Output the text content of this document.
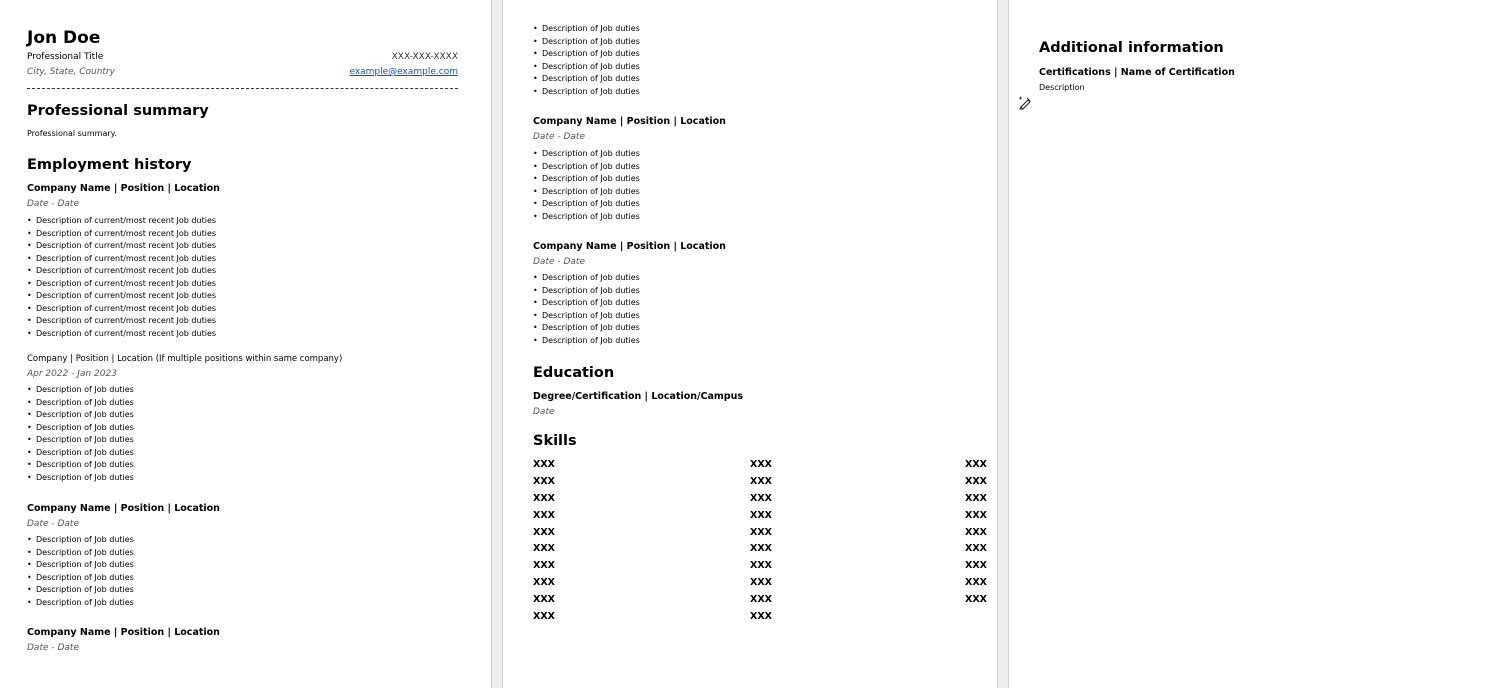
Jon Doe
Professional Title	XXX-XXX-XXXX
City, State, Country	example@example.com
Professional summary
Professional summary.
Employment history
Company Name | Position | Location
Date - Date
• Description of current/most recent Job duties
• Description of current/most recent Job duties
• Description of current/most recent Job duties
• Description of current/most recent Job duties
• Description of current/most recent Job duties
• Description of current/most recent Job duties
• Description of current/most recent Job duties
• Description of current/most recent Job duties
• Description of current/most recent Job duties
• Description of current/most recent Job duties
Company | Position | Location (If multiple positions within same company)
Apr 2022 - Jan 2023
• Description of Job duties
• Description of Job duties
• Description of Job duties
• Description of Job duties
• Description of Job duties
• Description of Job duties
• Description of Job duties
• Description of Job duties
Company Name | Position | Location
Date - Date
• Description of Job duties
• Description of Job duties
• Description of Job duties
• Description of Job duties
• Description of Job duties
• Description of Job duties
Company Name | Position | Location
Date - Date
• Description of Job duties
• Description of Job duties
• Description of Job duties
• Description of Job duties
• Description of Job duties
• Description of Job duties
Company Name | Position | Location
Date - Date
• Description of Job duties
• Description of Job duties
• Description of Job duties
• Description of Job duties
• Description of Job duties
• Description of Job duties
Company Name | Position | Location
Date - Date
• Description of Job duties
• Description of Job duties
• Description of Job duties
• Description of Job duties
• Description of Job duties
• Description of Job duties
Education
Degree/Certification | Location/Campus
Date
Skills
XXX
XXX
XXX
XXX
XXX
XXX
XXX
XXX
XXX
XXX
XXX
XXX
XXX
XXX
XXX
XXX
XXX
XXX
XXX
XXX
XXX
XXX
XXX
XXX
XXX
XXX
XXX
XXX
XXX
Additional information
Certifications | Name of Certification
Description
